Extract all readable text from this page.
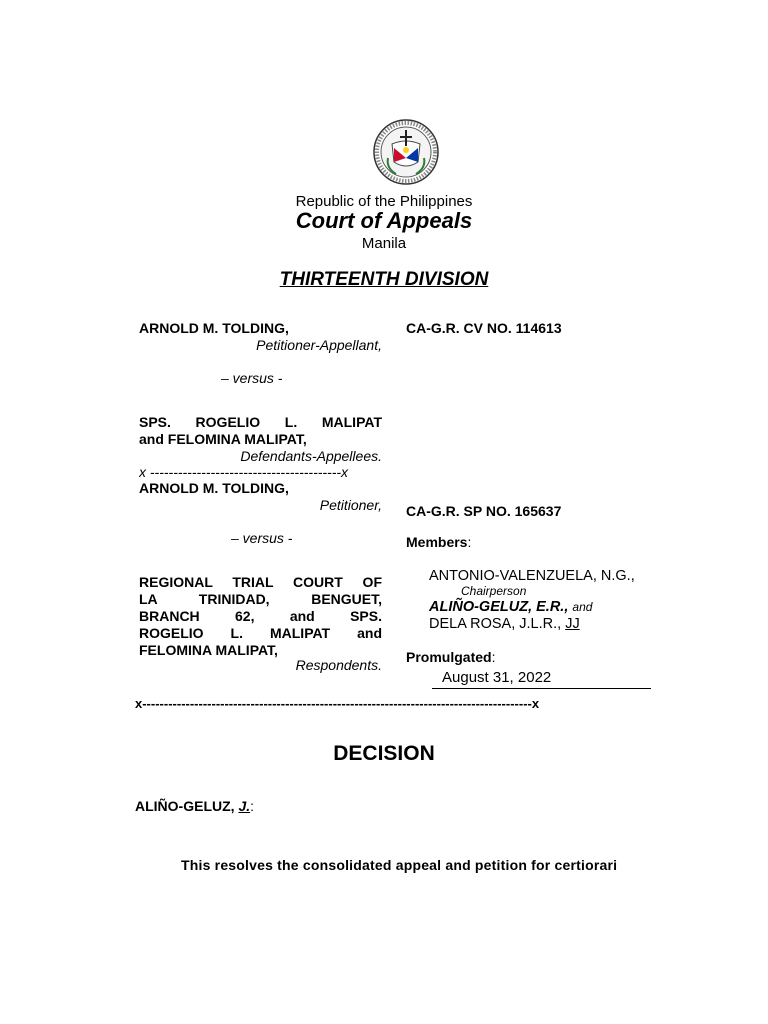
Republic of the Philippines
Court of Appeals
Manila
THIRTEENTH DIVISION
ARNOLD M. TOLDING,
Petitioner-Appellant,
– versus -
SPS. ROGELIO L. MALIPAT
and FELOMINA MALIPAT,
Defendants-Appellees.
CA-G.R. CV NO. 114613
x -----------------------------------------x
ARNOLD M. TOLDING,
Petitioner,
– versus -
REGIONAL TRIAL COURT OF
LA TRINIDAD, BENGUET,
BRANCH 62, and SPS.
ROGELIO L. MALIPAT and
FELOMINA MALIPAT,
Respondents.
CA-G.R. SP NO. 165637
Members:
ANTONIO-VALENZUELA, N.G.,
Chairperson
ALIÑO-GELUZ, E.R., and
DELA ROSA, J.L.R., JJ
Promulgated:
August 31, 2022
x------------------------------------------------------------------------------------------x
DECISION
ALIÑO-GELUZ, J.:
This resolves the consolidated appeal and petition for certiorari
